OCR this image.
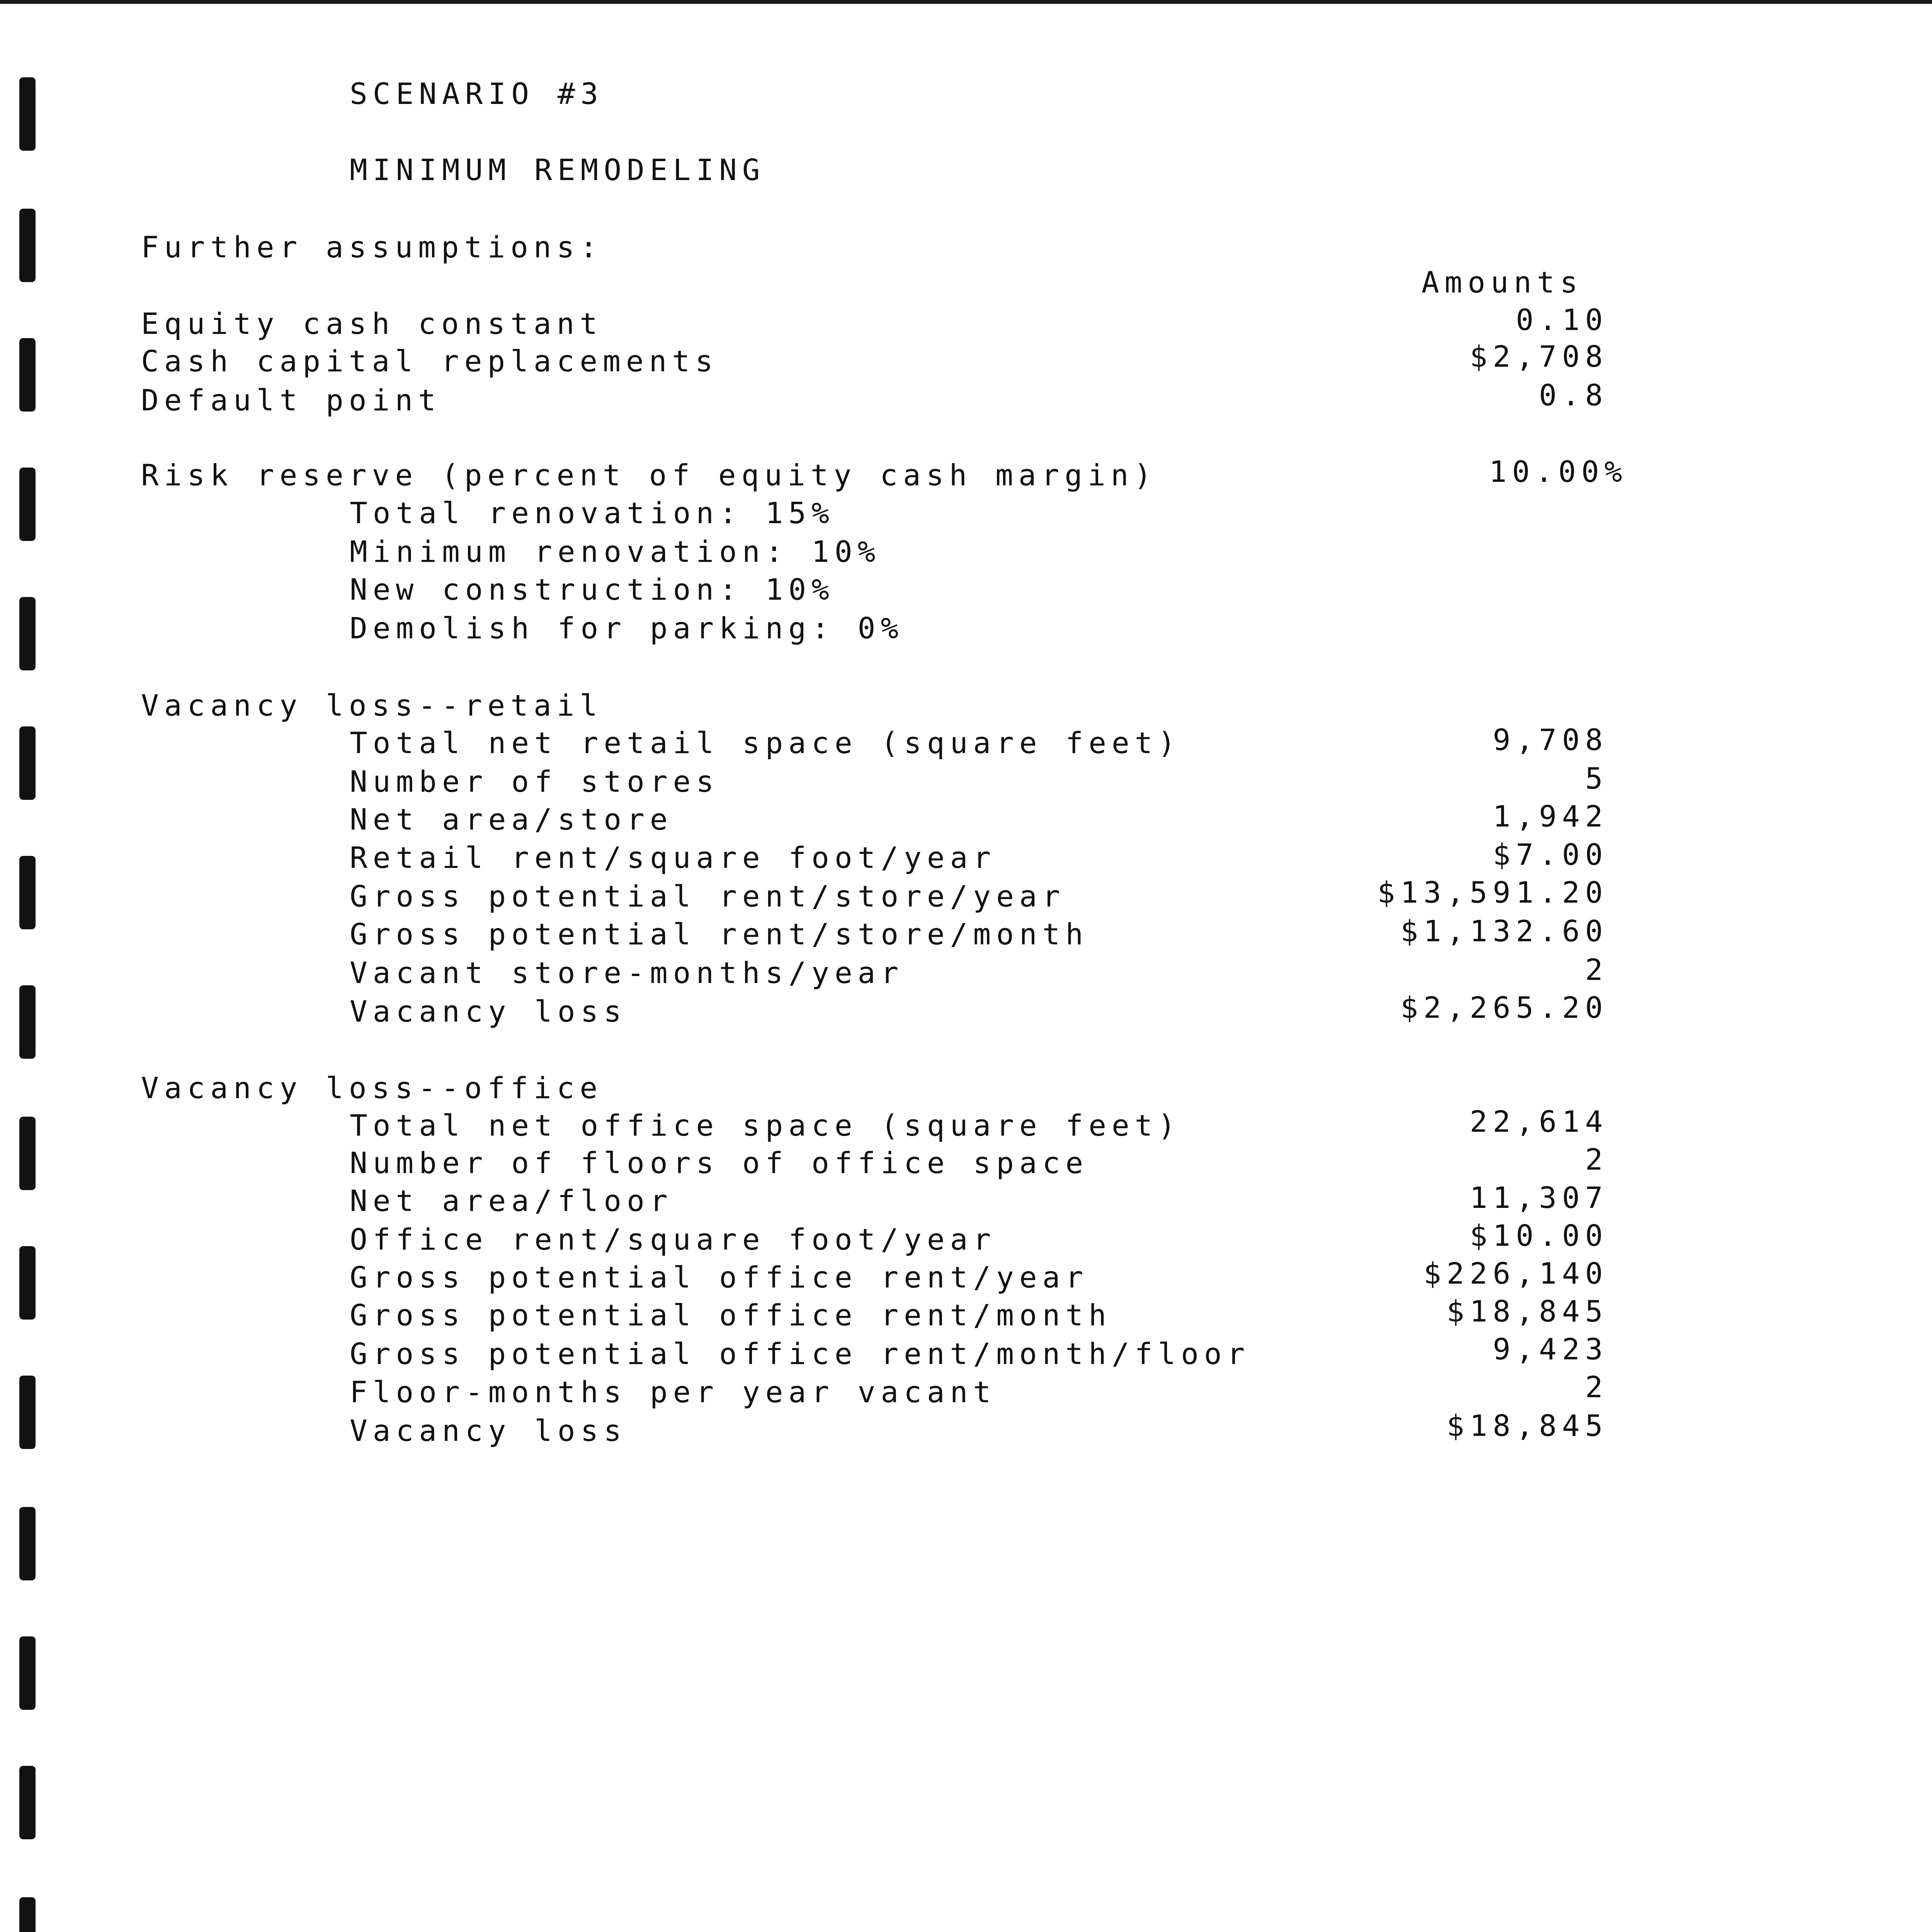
SCENARIO #3
MINIMUM REMODELING
Further assumptions:
Amounts
Equity cash constant	0.10
Cash capital replacements	$2,708
Default point	0.8
Risk reserve (percent of equity cash margin)	10.00%
Total renovation: 15%
Minimum renovation: 10%
New construction: 10%
Demolish for parking: 0%
Vacancy loss--retail
Total net retail space (square feet)	9,708
Number of stores	5
Net area/store	1,942
Retail rent/square foot/year	$7.00
Gross potential rent/store/year	$13,591.20
Gross potential rent/store/month	$1,132.60
Vacant store-months/year	2
Vacancy loss	$2,265.20
Vacancy loss--office
Total net office space (square feet)	22,614
Number of floors of office space	2
Net area/floor	11,307
Office rent/square foot/year	$10.00
Gross potential office rent/year	$226,140
Gross potential office rent/month	$18,845
Gross potential office rent/month/floor	9,423
Floor-months per year vacant	2
Vacancy loss	$18,845
